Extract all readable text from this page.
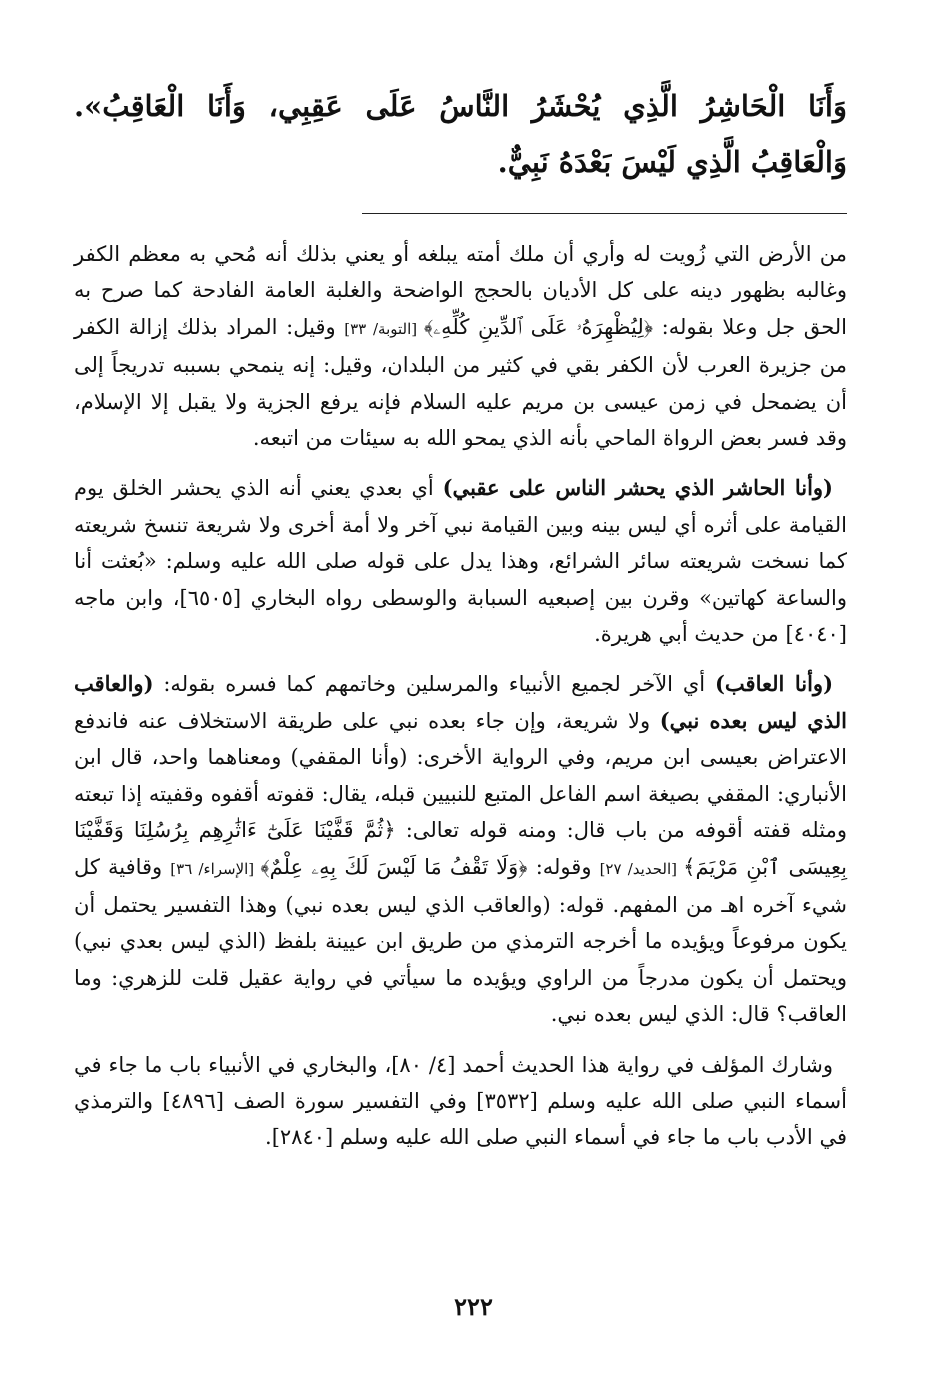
وَأَنَا الْحَاشِرُ الَّذِي يُحْشَرُ النَّاسُ عَلَى عَقِبِي، وَأَنَا الْعَاقِبُ». وَالْعَاقِبُ الَّذِي لَيْسَ بَعْدَهُ نَبِيٌّ.

من الأرض التي زُويت له وأري أن ملك أمته يبلغه أو يعني بذلك أنه مُحي به معظم الكفر وغالبه بظهور دينه على كل الأديان بالحجج الواضحة والغلبة العامة الفادحة كما صرح به الحق جل وعلا بقوله: ﴿لِيُظْهِرَهُۥ عَلَى ٱلدِّينِ كُلِّهِۦ﴾ [التوبة/ ٣٣] وقيل: المراد بذلك إزالة الكفر من جزيرة العرب لأن الكفر بقي في كثير من البلدان، وقيل: إنه ينمحي بسببه تدريجاً إلى أن يضمحل في زمن عيسى بن مريم عليه السلام فإنه يرفع الجزية ولا يقبل إلا الإسلام، وقد فسر بعض الرواة الماحي بأنه الذي يمحو الله به سيئات من اتبعه.

(وأنا الحاشر الذي يحشر الناس على عقبي) أي بعدي يعني أنه الذي يحشر الخلق يوم القيامة على أثره أي ليس بينه وبين القيامة نبي آخر ولا أمة أخرى ولا شريعة تنسخ شريعته كما نسخت شريعته سائر الشرائع، وهذا يدل على قوله صلى الله عليه وسلم: «بُعثت أنا والساعة كهاتين» وقرن بين إصبعيه السبابة والوسطى رواه البخاري [٦٥٠٥]، وابن ماجه [٤٠٤٠] من حديث أبي هريرة.

(وأنا العاقب) أي الآخر لجميع الأنبياء والمرسلين وخاتمهم كما فسره بقوله: (والعاقب الذي ليس بعده نبي) ولا شريعة، وإن جاء بعده نبي على طريقة الاستخلاف عنه فاندفع الاعتراض بعيسى ابن مريم، وفي الرواية الأخرى: (وأنا المقفي) ومعناهما واحد، قال ابن الأنباري: المقفي بصيغة اسم الفاعل المتبع للنبيين قبله، يقال: قفوته أقفوه وقفيته إذا تبعته ومثله قفته أقوفه من باب قال: ومنه قوله تعالى: ﴿ثُمَّ قَفَّيْنَا عَلَىٰٓ ءَاثَٰرِهِم بِرُسُلِنَا وَقَفَّيْنَا بِعِيسَى ٱبْنِ مَرْيَمَ﴾ [الحديد/ ٢٧] وقوله: ﴿وَلَا تَقْفُ مَا لَيْسَ لَكَ بِهِۦ عِلْمٌ﴾ [الإسراء/ ٣٦] وقافية كل شيء آخره اهـ من المفهم. قوله: (والعاقب الذي ليس بعده نبي) وهذا التفسير يحتمل أن يكون مرفوعاً ويؤيده ما أخرجه الترمذي من طريق ابن عيينة بلفظ (الذي ليس بعدي نبي) ويحتمل أن يكون مدرجاً من الراوي ويؤيده ما سيأتي في رواية عقيل قلت للزهري: وما العاقب؟ قال: الذي ليس بعده نبي.

وشارك المؤلف في رواية هذا الحديث أحمد [٤/ ٨٠]، والبخاري في الأنبياء باب ما جاء في أسماء النبي صلى الله عليه وسلم [٣٥٣٢] وفي التفسير سورة الصف [٤٨٩٦] والترمذي في الأدب باب ما جاء في أسماء النبي صلى الله عليه وسلم [٢٨٤٠].

٢٢٢
